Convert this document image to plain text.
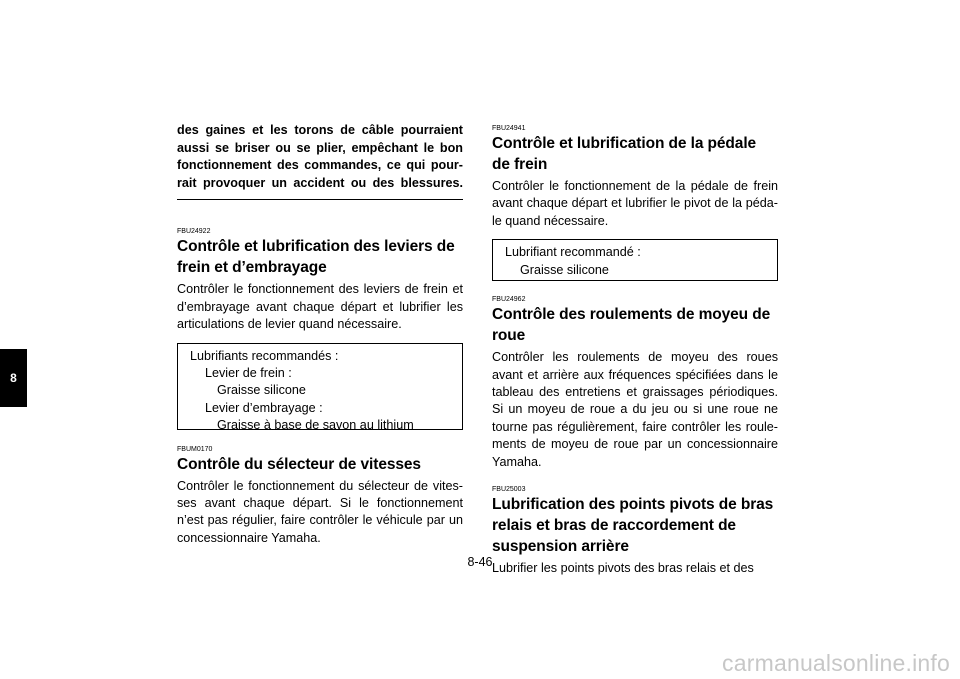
8

des gaines et les torons de câble pourraient aussi se briser ou se plier, empêchant le bon fonctionnement des commandes, ce qui pour-rait provoquer un accident ou des blessures.

FBU24922

Contrôle et lubrification des leviers de frein et d’embrayage

Contrôler le fonctionnement des leviers de frein et d’embrayage avant chaque départ et lubrifier les articulations de levier quand nécessaire.

Lubrifiants recommandés :
Levier de frein :
Graisse silicone
Levier d’embrayage :
Graisse à base de savon au lithium

FBUM0170

Contrôle du sélecteur de vitesses

Contrôler le fonctionnement du sélecteur de vites-ses avant chaque départ. Si le fonctionnement n’est pas régulier, faire contrôler le véhicule par un concessionnaire Yamaha.

FBU24941

Contrôle et lubrification de la pédale de frein

Contrôler le fonctionnement de la pédale de frein avant chaque départ et lubrifier le pivot de la péda-le quand nécessaire.

Lubrifiant recommandé :
Graisse silicone

FBU24962

Contrôle des roulements de moyeu de roue

Contrôler les roulements de moyeu des roues avant et arrière aux fréquences spécifiées dans le tableau des entretiens et graissages périodiques. Si un moyeu de roue a du jeu ou si une roue ne tourne pas régulièrement, faire contrôler les roule-ments de moyeu de roue par un concessionnaire Yamaha.

FBU25003

Lubrification des points pivots de bras relais et bras de raccordement de suspension arrière

Lubrifier les points pivots des bras relais et des

8-46
carmanualsonline.info
